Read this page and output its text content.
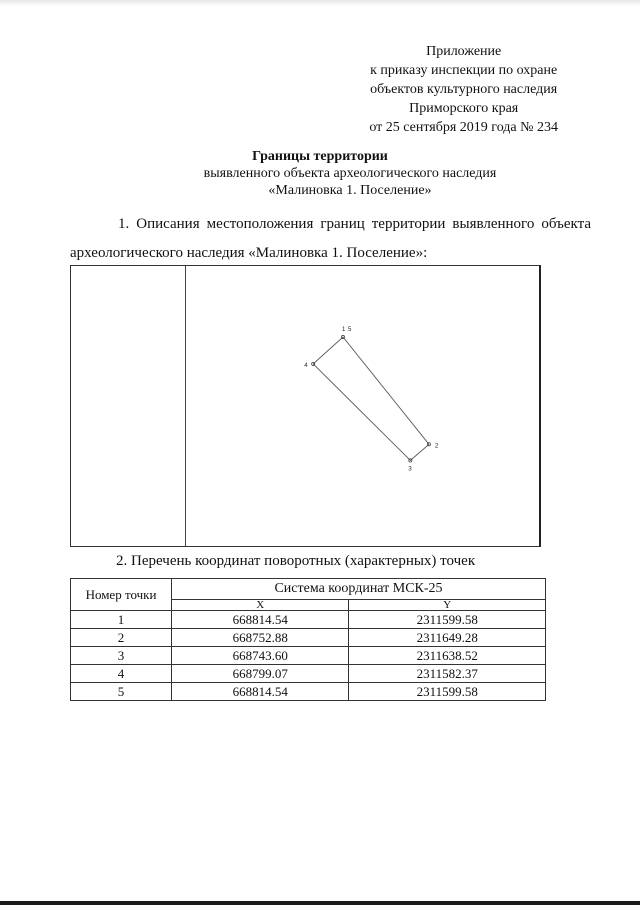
Приложение
к приказу инспекции по охране
объектов культурного наследия
Приморского края
от 25 сентября 2019 года № 234
Границы территории
выявленного объекта археологического наследия
«Малиновка 1. Поселение»
1. Описания местоположения границ территории выявленного объекта
археологического наследия «Малиновка 1. Поселение»:
1
2
3
4
5
2. Перечень координат поворотных (характерных) точек
Номер точки	Система координат МСК-25	
	X	Y
1	668814.54	2311599.58
2	668752.88	2311649.28
3	668743.60	2311638.52
4	668799.07	2311582.37
5	668814.54	2311599.58
